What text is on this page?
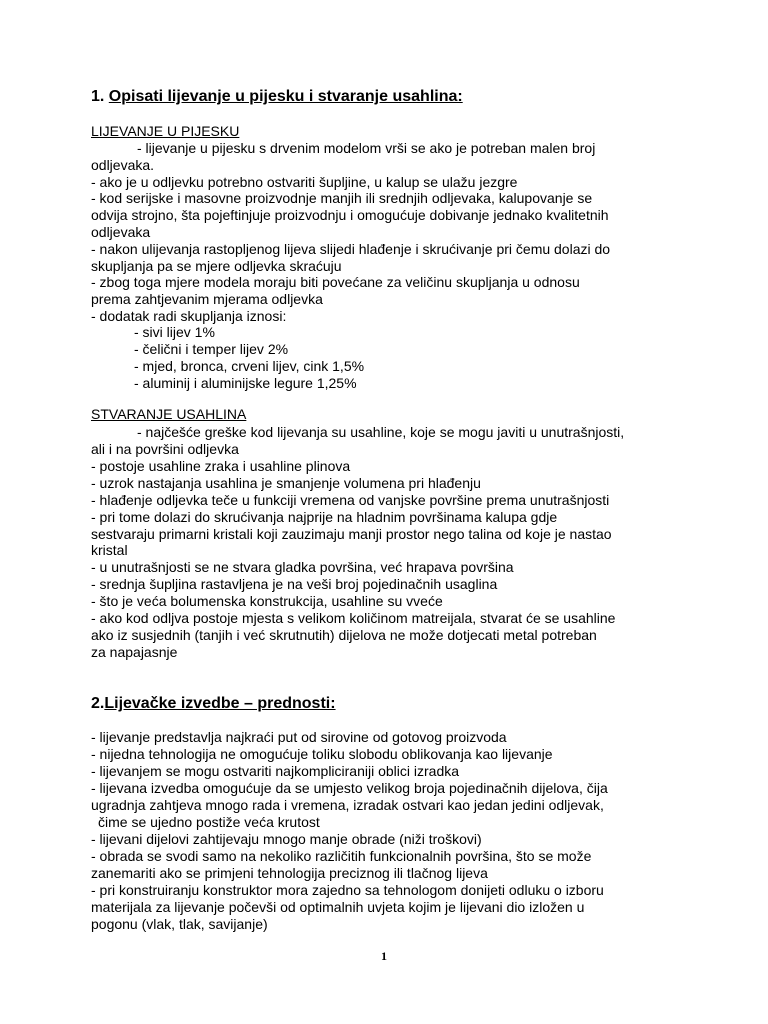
1. Opisati lijevanje u pijesku i stvaranje usahlina:
LIJEVANJE U PIJESKU
- lijevanje u pijesku s drvenim modelom vrši se ako je potreban malen broj
odljevaka.
- ako je u odljevku potrebno ostvariti šupljine, u kalup se ulažu jezgre
- kod serijske i masovne proizvodnje manjih ili srednjih odljevaka, kalupovanje se
odvija strojno, šta pojeftinjuje proizvodnju i omogućuje dobivanje jednako kvalitetnih
odljevaka
- nakon ulijevanja rastopljenog lijeva slijedi hlađenje i skrućivanje pri čemu dolazi do
skupljanja pa se mjere odljevka skraćuju
- zbog toga mjere modela moraju biti povećane za veličinu skupljanja u odnosu
prema zahtjevanim mjerama odljevka
- dodatak radi skupljanja iznosi:
- sivi lijev 1%
- čelični i temper lijev 2%
- mjed, bronca, crveni lijev, cink 1,5%
- aluminij i aluminijske legure 1,25%
STVARANJE USAHLINA
- najčešće greške kod lijevanja su usahline, koje se mogu javiti u unutrašnjosti,
ali i na površini odljevka
- postoje usahline zraka i usahline plinova
- uzrok nastajanja usahlina je smanjenje volumena pri hlađenju
- hlađenje odljevka teče u funkciji vremena od vanjske površine prema unutrašnjosti
- pri tome dolazi do skrućivanja najprije na hladnim površinama kalupa gdje
sestvaraju primarni kristali koji zauzimaju manji prostor nego talina od koje je nastao
kristal
- u unutrašnjosti se ne stvara gladka površina, već hrapava površina
- srednja šupljina rastavljena je na veši broj pojedinačnih usaglina
- što je veća bolumenska konstrukcija, usahline su vveće
- ako kod odljva postoje mjesta s velikom količinom matreijala, stvarat će se usahline
ako iz susjednih (tanjih i već skrutnutih) dijelova ne može dotjecati metal potreban
za napajasnje
2.Lijevačke izvedbe – prednosti:
- lijevanje predstavlja najkraći put od sirovine od gotovog proizvoda
- nijedna tehnologija ne omogućuje toliku slobodu oblikovanja kao lijevanje
- lijevanjem se mogu ostvariti najkompliciraniji oblici izradka
- lijevana izvedba omogućuje da se umjesto velikog broja pojedinačnih dijelova, čija
ugradnja zahtjeva mnogo rada i vremena, izradak ostvari kao jedan jedini odljevak,
čime se ujedno postiže veća krutost
- lijevani dijelovi zahtijevaju mnogo manje obrade (niži troškovi)
- obrada se svodi samo na nekoliko različitih funkcionalnih površina, što se može
zanemariti ako se primjeni tehnologija preciznog ili tlačnog lijeva
- pri konstruiranju konstruktor mora zajedno sa tehnologom donijeti odluku o izboru
materijala za lijevanje počevši od optimalnih uvjeta kojim je lijevani dio izložen u
pogonu (vlak, tlak, savijanje)
1
